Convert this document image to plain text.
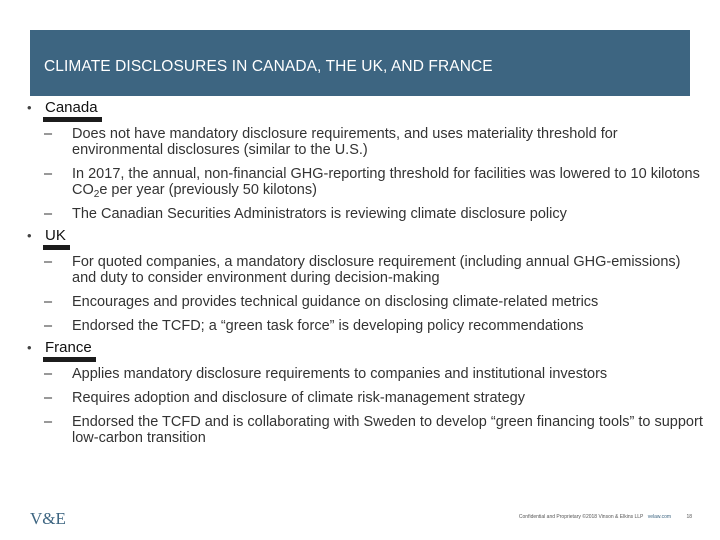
CLIMATE DISCLOSURES IN CANADA, THE UK, AND FRANCE
• Canada
– Does not have mandatory disclosure requirements, and uses materiality threshold for environmental disclosures (similar to the U.S.)
– In 2017, the annual, non-financial GHG-reporting threshold for facilities was lowered to 10 kilotons $CO_2e$ per year (previously 50 kilotons)
– The Canadian Securities Administrators is reviewing climate disclosure policy
• UK
– For quoted companies, a mandatory disclosure requirement (including annual GHG-emissions) and duty to consider environment during decision-making
– Encourages and provides technical guidance on disclosing climate-related metrics
– Endorsed the TCFD; a “green task force” is developing policy recommendations
• France
– Applies mandatory disclosure requirements to companies and institutional investors
– Requires adoption and disclosure of climate risk-management strategy
– Endorsed the TCFD and is collaborating with Sweden to develop “green financing tools” to support low-carbon transition
V&E	Confidential and Proprietary ©2018 Vinson & Elkins LLP velaw.com	18
